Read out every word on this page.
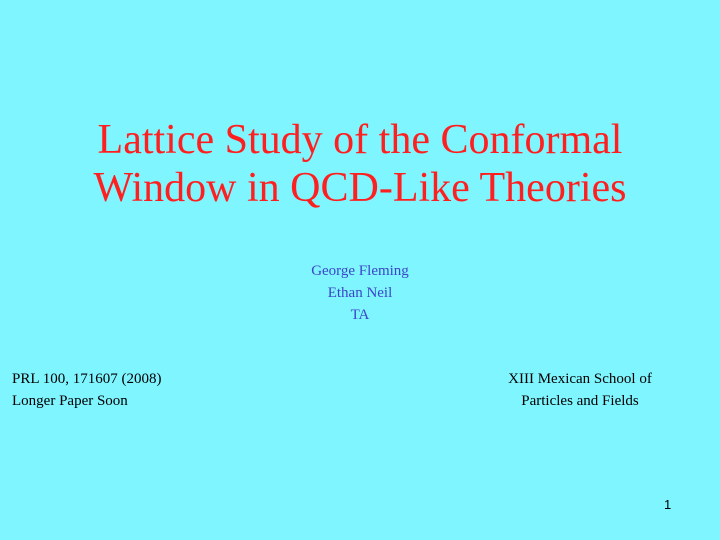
Lattice Study of the Conformal
Window in QCD-Like Theories
George Fleming
Ethan Neil
TA
PRL 100, 171607 (2008)
Longer Paper Soon
XIII Mexican School of
Particles and Fields
1
